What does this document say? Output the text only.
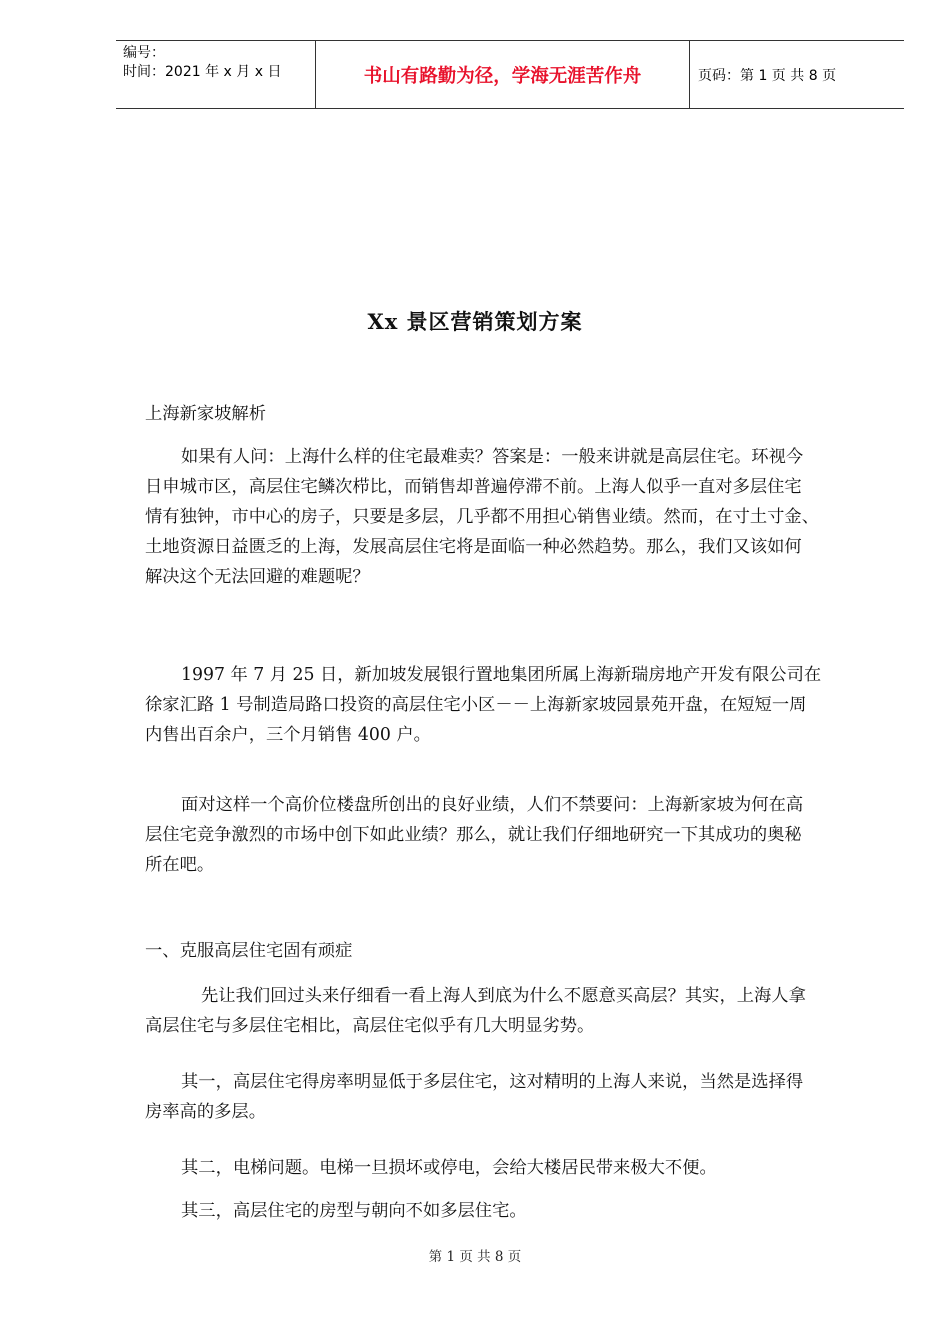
编号：
时间：2021 年 x 月 x 日	书山有路勤为径，学海无涯苦作舟	页码：第 1 页 共 8 页
Xx 景区营销策划方案
上海新家坡解析
如果有人问：上海什么样的住宅最难卖？答案是：一般来讲就是高层住宅。环视今
日申城市区，高层住宅鳞次栉比，而销售却普遍停滞不前。上海人似乎一直对多层住宅
情有独钟，市中心的房子，只要是多层，几乎都不用担心销售业绩。然而，在寸土寸金、
土地资源日益匮乏的上海，发展高层住宅将是面临一种必然趋势。那么，我们又该如何
解决这个无法回避的难题呢？
1997 年 7 月 25 日，新加坡发展银行置地集团所属上海新瑞房地产开发有限公司在
徐家汇路 1 号制造局路口投资的高层住宅小区－－上海新家坡园景苑开盘，在短短一周
内售出百余户，三个月销售 400 户。
面对这样一个高价位楼盘所创出的良好业绩，人们不禁要问：上海新家坡为何在高
层住宅竞争激烈的市场中创下如此业绩？那么，就让我们仔细地研究一下其成功的奥秘
所在吧。
一、克服高层住宅固有顽症
先让我们回过头来仔细看一看上海人到底为什么不愿意买高层？其实，上海人拿
高层住宅与多层住宅相比，高层住宅似乎有几大明显劣势。
其一，高层住宅得房率明显低于多层住宅，这对精明的上海人来说，当然是选择得
房率高的多层。
其二，电梯问题。电梯一旦损坏或停电，会给大楼居民带来极大不便。
其三，高层住宅的房型与朝向不如多层住宅。
第 1 页 共 8 页
